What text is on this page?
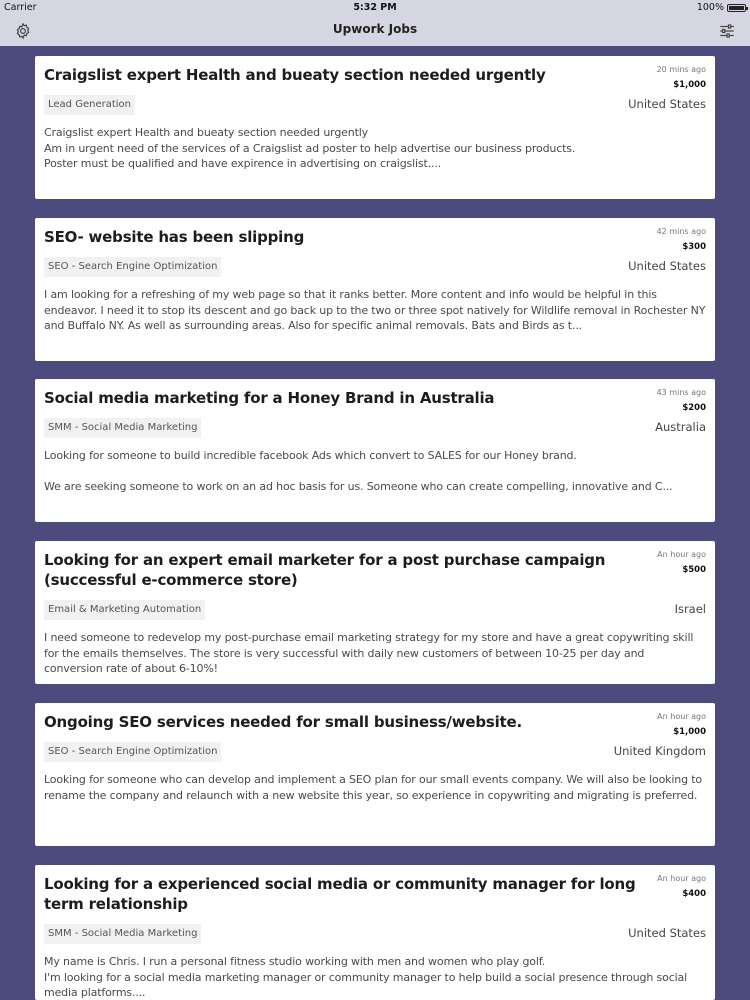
Carrier	5:32 PM	100%
Upwork Jobs
Craigslist expert Health and bueaty section needed urgently	20 mins ago
$1,000
Lead Generation	United States
Craigslist expert Health and bueaty section needed urgently
Am in urgent need of the services of a Craigslist ad poster to help advertise our business products.
Poster must be qualified and have expirence in advertising on craigslist....
SEO- website has been slipping	42 mins ago
$300
SEO - Search Engine Optimization	United States
I am looking for a refreshing of my web page so that it ranks better. More content and info would be helpful in this endeavor. I need it to stop its descent and go back up to the two or three spot natively for Wildlife removal in Rochester NY and Buffalo NY. As well as surrounding areas. Also for specific animal removals. Bats and Birds as t...
Social media marketing for a Honey Brand in Australia	43 mins ago
$200
SMM - Social Media Marketing	Australia
Looking for someone to build incredible facebook Ads which convert to SALES for our Honey brand.

We are seeking someone to work on an ad hoc basis for us. Someone who can create compelling, innovative and C...
Looking for an expert email marketer for a post purchase campaign (successful e-commerce store)
An hour ago
$500
Email & Marketing Automation	Israel
I need someone to redevelop my post-purchase email marketing strategy for my store and have a great copywriting skill for the emails themselves. The store is very successful with daily new customers of between 10-25 per day and conversion rate of about 6-10%!
Ongoing SEO services needed for small business/website.	An hour ago
$1,000
SEO - Search Engine Optimization	United Kingdom
Looking for someone who can develop and implement a SEO plan for our small events company. We will also be looking to rename the company and relaunch with a new website this year, so experience in copywriting and migrating is preferred.
Looking for a experienced social media or community manager for long term relationship
An hour ago
$400
SMM - Social Media Marketing	United States
My name is Chris. I run a personal fitness studio working with men and women who play golf.
I'm looking for a social media marketing manager or community manager to help build a social presence through social media platforms....
